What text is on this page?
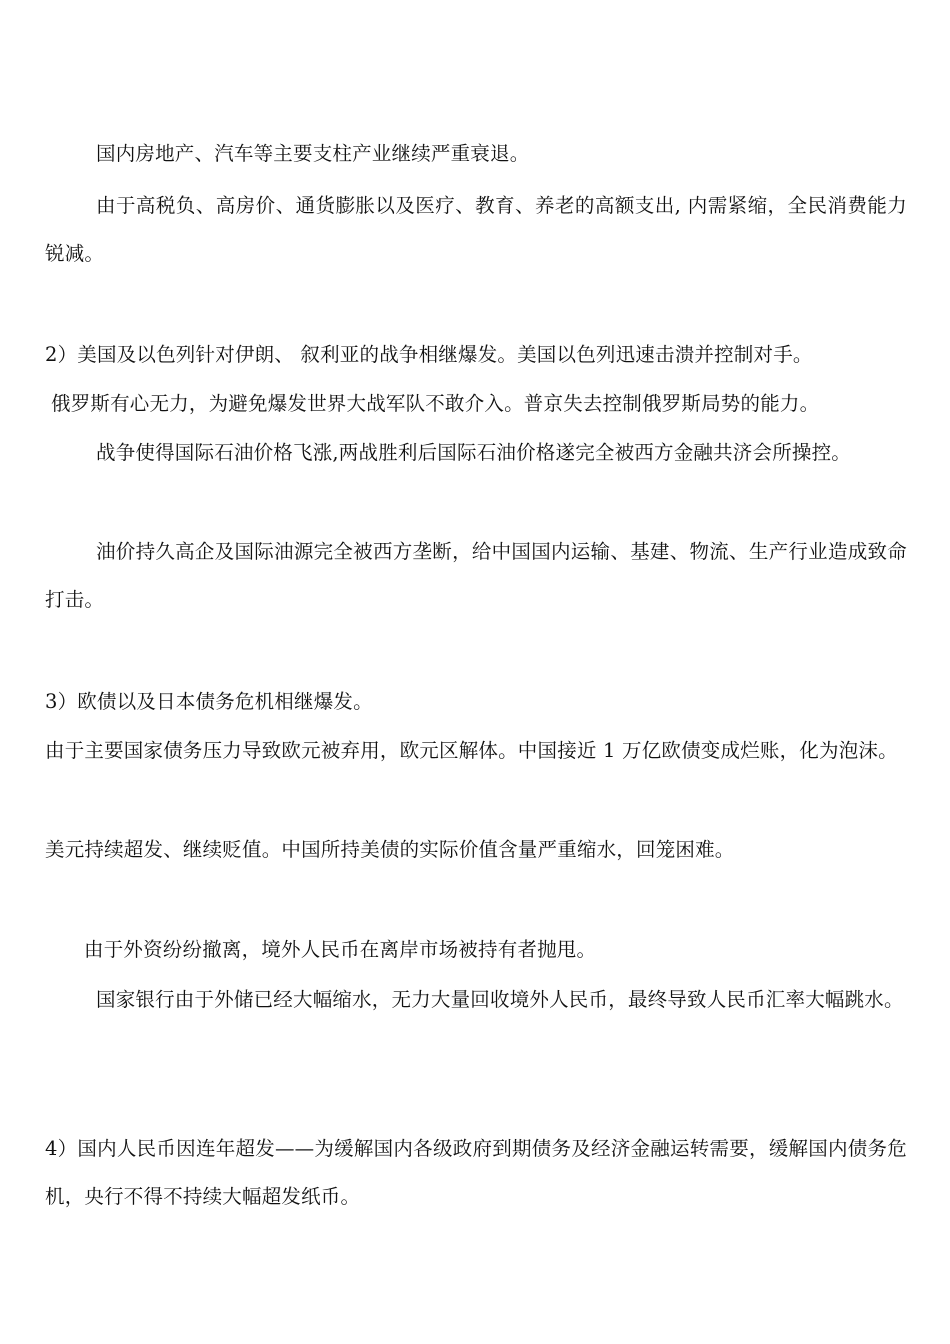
国内房地产、汽车等主要支柱产业继续严重衰退。

由于高税负、高房价、通货膨胀以及医疗、教育、养老的高额支出, 内需紧缩，全民消费能力锐减。

2）美国及以色列针对伊朗、 叙利亚的战争相继爆发。美国以色列迅速击溃并控制对手。

俄罗斯有心无力，为避免爆发世界大战军队不敢介入。普京失去控制俄罗斯局势的能力。

战争使得国际石油价格飞涨,两战胜利后国际石油价格遂完全被西方金融共济会所操控。

油价持久高企及国际油源完全被西方垄断，给中国国内运输、基建、物流、生产行业造成致命打击。

3）欧债以及日本债务危机相继爆发。

由于主要国家债务压力导致欧元被弃用，欧元区解体。中国接近 1 万亿欧债变成烂账，化为泡沫。

美元持续超发、继续贬值。中国所持美债的实际价值含量严重缩水，回笼困难。

由于外资纷纷撤离，境外人民币在离岸市场被持有者抛甩。

国家银行由于外储已经大幅缩水，无力大量回收境外人民币，最终导致人民币汇率大幅跳水。

4）国内人民币因连年超发——为缓解国内各级政府到期债务及经济金融运转需要，缓解国内债务危机，央行不得不持续大幅超发纸币。
